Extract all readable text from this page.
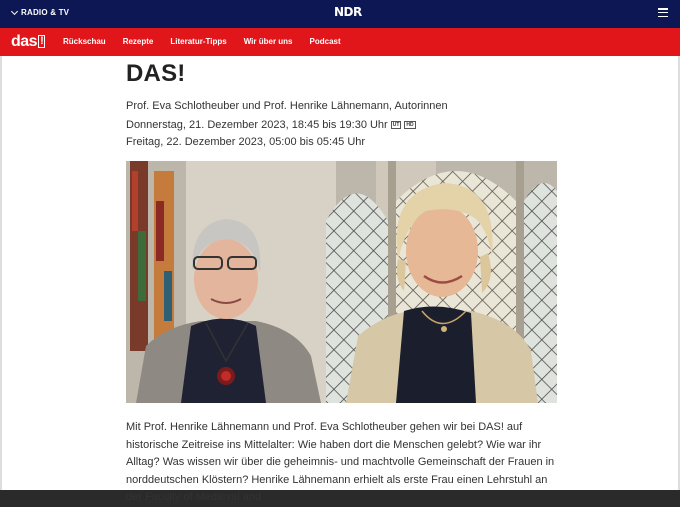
RADIO & TV	NDR
das ! Rückschau Rezepte Literatur-Tipps Wir über uns Podcast
DAS!
Prof. Eva Schlotheuber und Prof. Henrike Lähnemann, Autorinnen
Donnerstag, 21. Dezember 2023, 18:45 bis 19:30 Uhr	UT	HD
Freitag, 22. Dezember 2023, 05:00 bis 05:45 Uhr

Mit Prof. Henrike Lähnemann und Prof. Eva Schlotheuber gehen wir bei DAS! auf historische Zeitreise ins Mittelalter: Wie haben dort die Menschen gelebt? Wie war ihr Alltag? Was wissen wir über die geheimnis- und machtvolle Gemeinschaft der Frauen in norddeutschen Klöstern? Henrike Lähnemann erhielt als erste Frau einen Lehrstuhl an der Faculty of Medieval and
